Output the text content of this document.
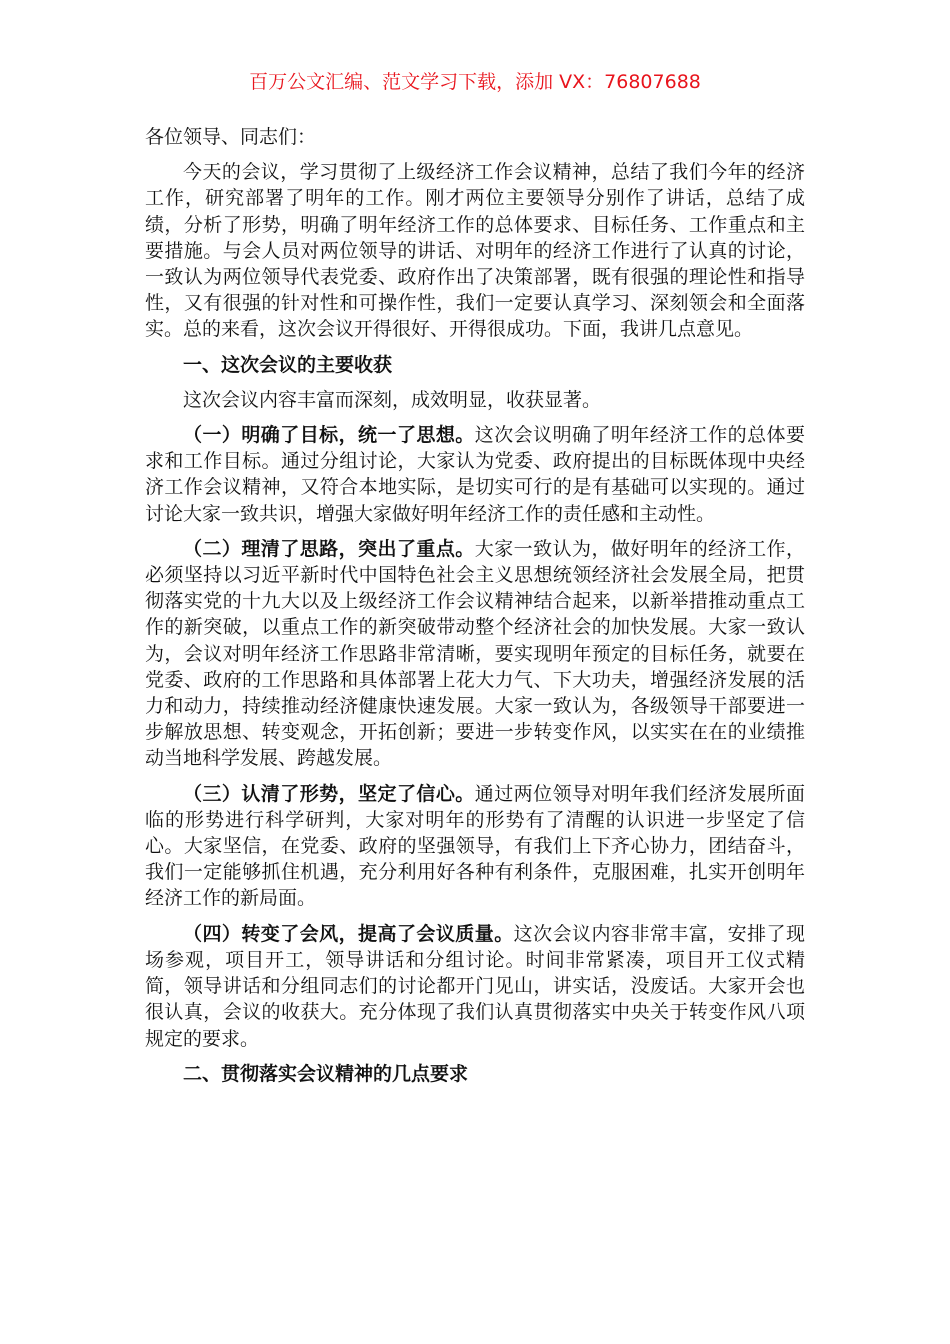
百万公文汇编、范文学习下载，添加 VX：76807688

各位领导、同志们：

今天的会议，学习贯彻了上级经济工作会议精神，总结了我们今年的经济工作，研究部署了明年的工作。刚才两位主要领导分别作了讲话，总结了成绩，分析了形势，明确了明年经济工作的总体要求、目标任务、工作重点和主要措施。与会人员对两位领导的讲话、对明年的经济工作进行了认真的讨论，一致认为两位领导代表党委、政府作出了决策部署，既有很强的理论性和指导性，又有很强的针对性和可操作性，我们一定要认真学习、深刻领会和全面落实。总的来看，这次会议开得很好、开得很成功。下面，我讲几点意见。

一、这次会议的主要收获

这次会议内容丰富而深刻，成效明显，收获显著。

（一）明确了目标，统一了思想。这次会议明确了明年经济工作的总体要求和工作目标。通过分组讨论，大家认为党委、政府提出的目标既体现中央经济工作会议精神，又符合本地实际，是切实可行的是有基础可以实现的。通过讨论大家一致共识，增强大家做好明年经济工作的责任感和主动性。

（二）理清了思路，突出了重点。大家一致认为，做好明年的经济工作，必须坚持以习近平新时代中国特色社会主义思想统领经济社会发展全局，把贯彻落实党的十九大以及上级经济工作会议精神结合起来，以新举措推动重点工作的新突破，以重点工作的新突破带动整个经济社会的加快发展。大家一致认为，会议对明年经济工作思路非常清晰，要实现明年预定的目标任务，就要在党委、政府的工作思路和具体部署上花大力气、下大功夫，增强经济发展的活力和动力，持续推动经济健康快速发展。大家一致认为，各级领导干部要进一步解放思想、转变观念，开拓创新；要进一步转变作风，以实实在在的业绩推动当地科学发展、跨越发展。

（三）认清了形势，坚定了信心。通过两位领导对明年我们经济发展所面临的形势进行科学研判，大家对明年的形势有了清醒的认识进一步坚定了信心。大家坚信，在党委、政府的坚强领导，有我们上下齐心协力，团结奋斗，我们一定能够抓住机遇，充分利用好各种有利条件，克服困难，扎实开创明年经济工作的新局面。

（四）转变了会风，提高了会议质量。这次会议内容非常丰富，安排了现场参观，项目开工，领导讲话和分组讨论。时间非常紧凑，项目开工仪式精简，领导讲话和分组同志们的讨论都开门见山，讲实话，没废话。大家开会也很认真，会议的收获大。充分体现了我们认真贯彻落实中央关于转变作风八项规定的要求。

二、贯彻落实会议精神的几点要求
